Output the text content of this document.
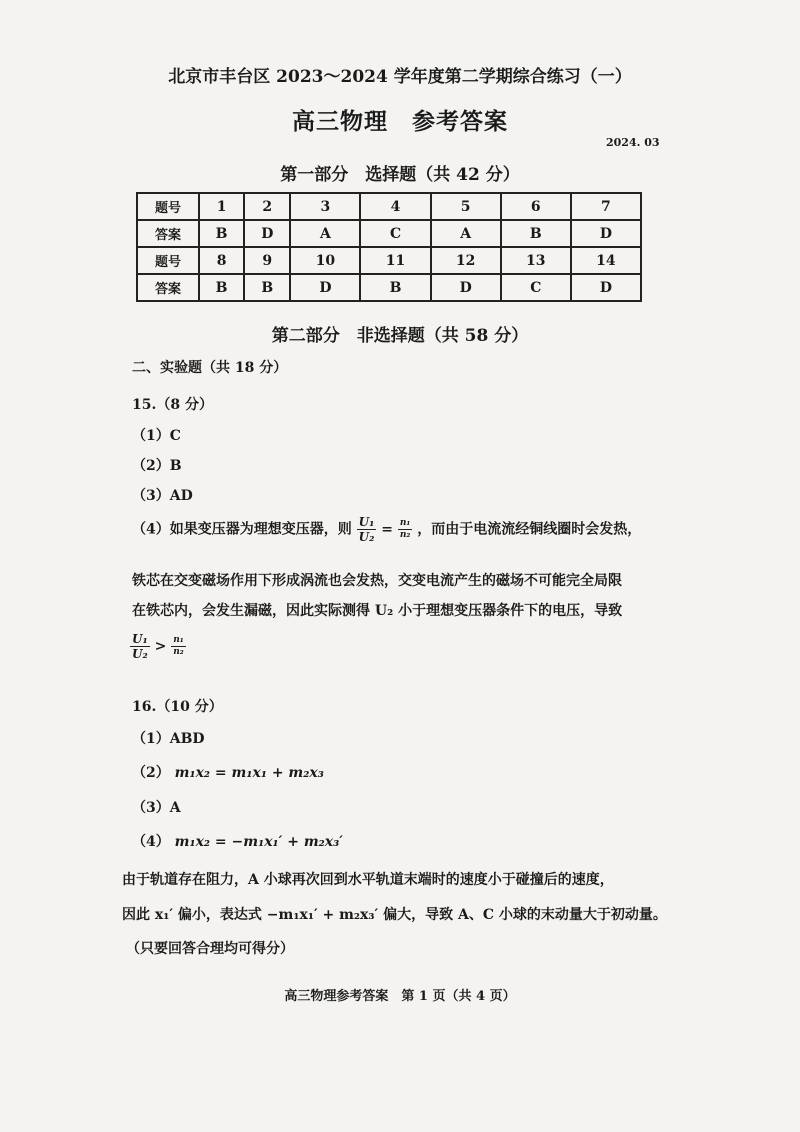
北京市丰台区 2023～2024 学年度第二学期综合练习（一）
高三物理　参考答案
2024. 03
第一部分　选择题（共 42 分）
题号	1	2	3	4	5	6	7
答案	B	D	A	C	A	B	D
题号	8	9	10	11	12	13	14
答案	B	B	D	B	D	C	D
第二部分　非选择题（共 58 分）
二、实验题（共 18 分）
15.（8 分）
（1）C
（2）B
（3）AD
（4）如果变压器为理想变压器，则 $\frac{\text{U₁}}{\text{U₂}} = \frac{\text{n₁}}{\text{n₂}}$ ，而由于电流流经铜线圈时会发热，
铁芯在交变磁场作用下形成涡流也会发热，交变电流产生的磁场不可能完全局限
在铁芯内，会发生漏磁，因此实际测得 U₂ 小于理想变压器条件下的电压，导致
$\frac{\text{U₁}}{\text{U₂}} > \frac{\text{n₁}}{\text{n₂}}$
16.（10 分）
（1）ABD
（2） m₁x₂ = m₁x₁ + m₂x₃
（3）A
（4） m₁x₂ = −m₁x₁′ + m₂x₃′
由于轨道存在阻力，A 小球再次回到水平轨道末端时的速度小于碰撞后的速度，
因此 x₁′ 偏小，表达式 −m₁x₁′ + m₂x₃′ 偏大，导致 A、C 小球的末动量大于初动量。
（只要回答合理均可得分）
高三物理参考答案　第 1 页（共 4 页）
